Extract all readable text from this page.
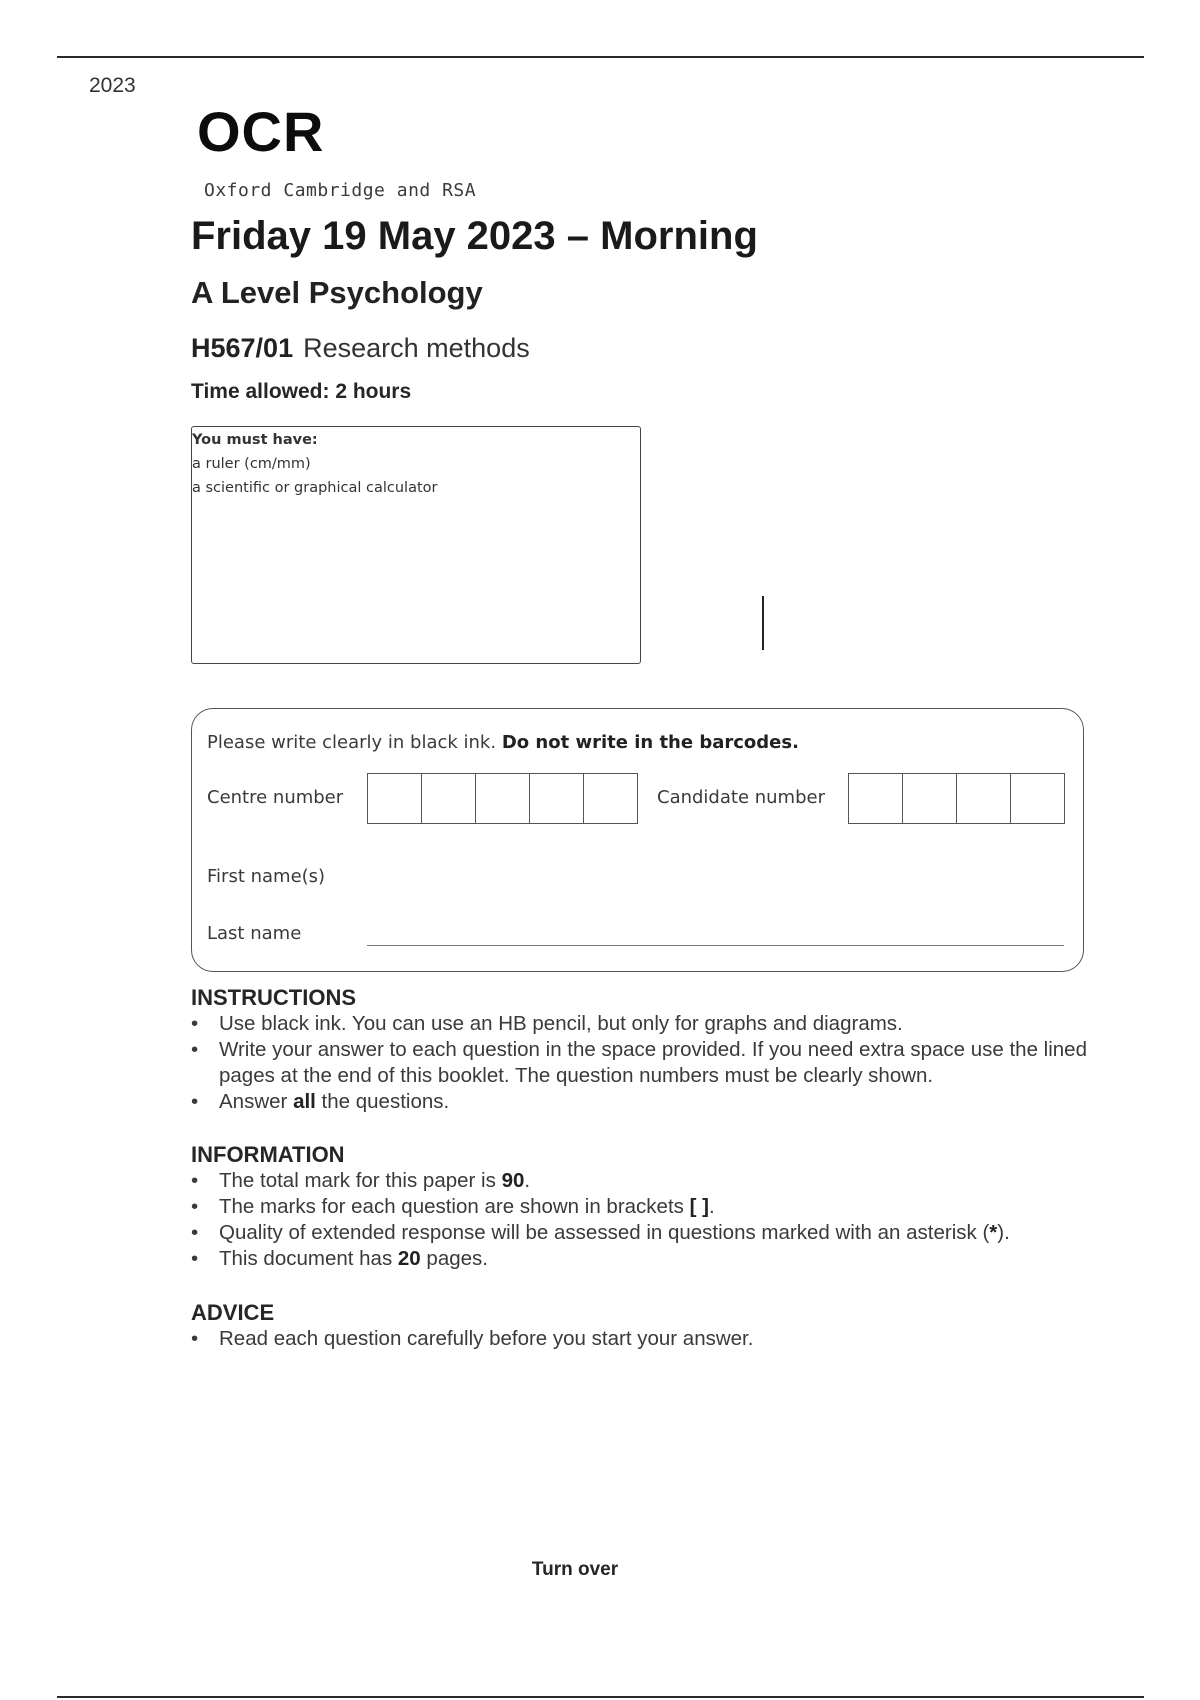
2023
OCR
Oxford Cambridge and RSA
Friday 19 May 2023 – Morning
A Level Psychology
H567/01 Research methods
Time allowed: 2 hours
You must have:
a ruler (cm/mm)
a scientific or graphical calculator
Please write clearly in black ink. Do not write in the barcodes.
Centre number	Candidate number
First name(s)
Last name
INSTRUCTIONS
• Use black ink. You can use an HB pencil, but only for graphs and diagrams.
• Write your answer to each question in the space provided. If you need extra space use the lined pages at the end of this booklet. The question numbers must be clearly shown.
• Answer all the questions.
INFORMATION
• The total mark for this paper is 90.
• The marks for each question are shown in brackets [ ].
• Quality of extended response will be assessed in questions marked with an asterisk (*).
• This document has 20 pages.
ADVICE
• Read each question carefully before you start your answer.
Turn over
